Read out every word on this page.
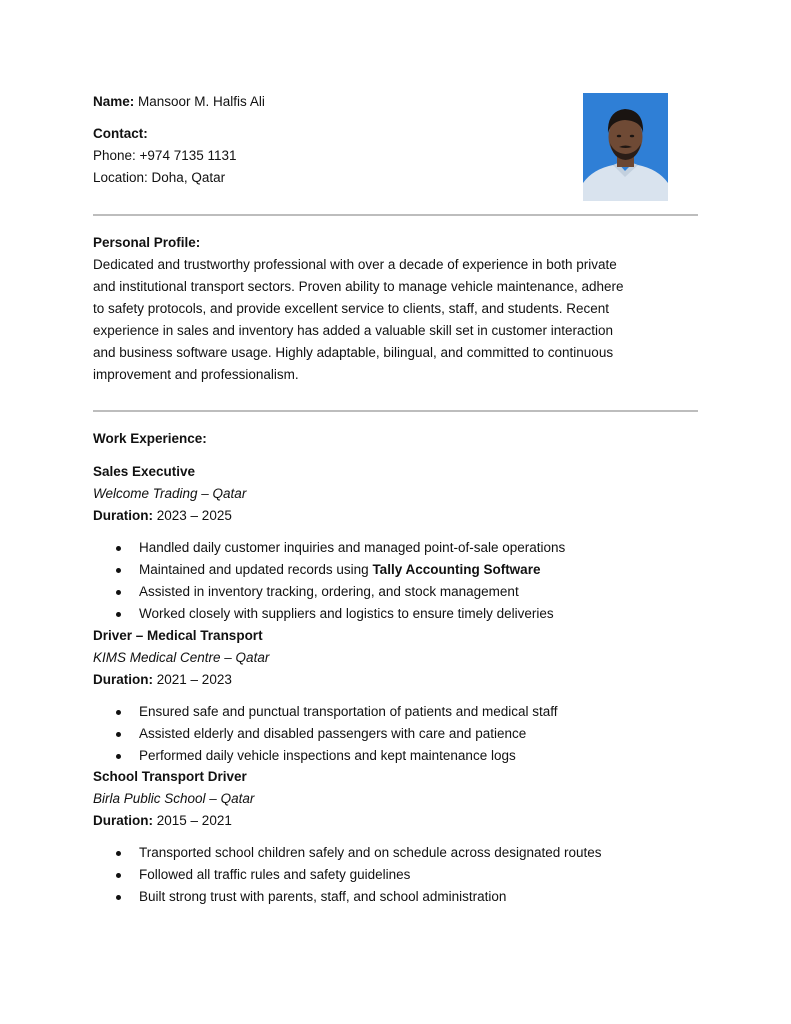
Name: Mansoor M. Halfis Ali
Contact:
Phone: +974 7135 1131
Location: Doha, Qatar
Personal Profile:
Dedicated and trustworthy professional with over a decade of experience in both private
and institutional transport sectors. Proven ability to manage vehicle maintenance, adhere
to safety protocols, and provide excellent service to clients, staff, and students. Recent
experience in sales and inventory has added a valuable skill set in customer interaction
and business software usage. Highly adaptable, bilingual, and committed to continuous
improvement and professionalism.
Work Experience:
Sales Executive
Welcome Trading – Qatar
Duration: 2023 – 2025
Handled daily customer inquiries and managed point-of-sale operations
Maintained and updated records using Tally Accounting Software
Assisted in inventory tracking, ordering, and stock management
Worked closely with suppliers and logistics to ensure timely deliveries
Driver – Medical Transport
KIMS Medical Centre – Qatar
Duration: 2021 – 2023
Ensured safe and punctual transportation of patients and medical staff
Assisted elderly and disabled passengers with care and patience
Performed daily vehicle inspections and kept maintenance logs
School Transport Driver
Birla Public School – Qatar
Duration: 2015 – 2021
Transported school children safely and on schedule across designated routes
Followed all traffic rules and safety guidelines
Built strong trust with parents, staff, and school administration
